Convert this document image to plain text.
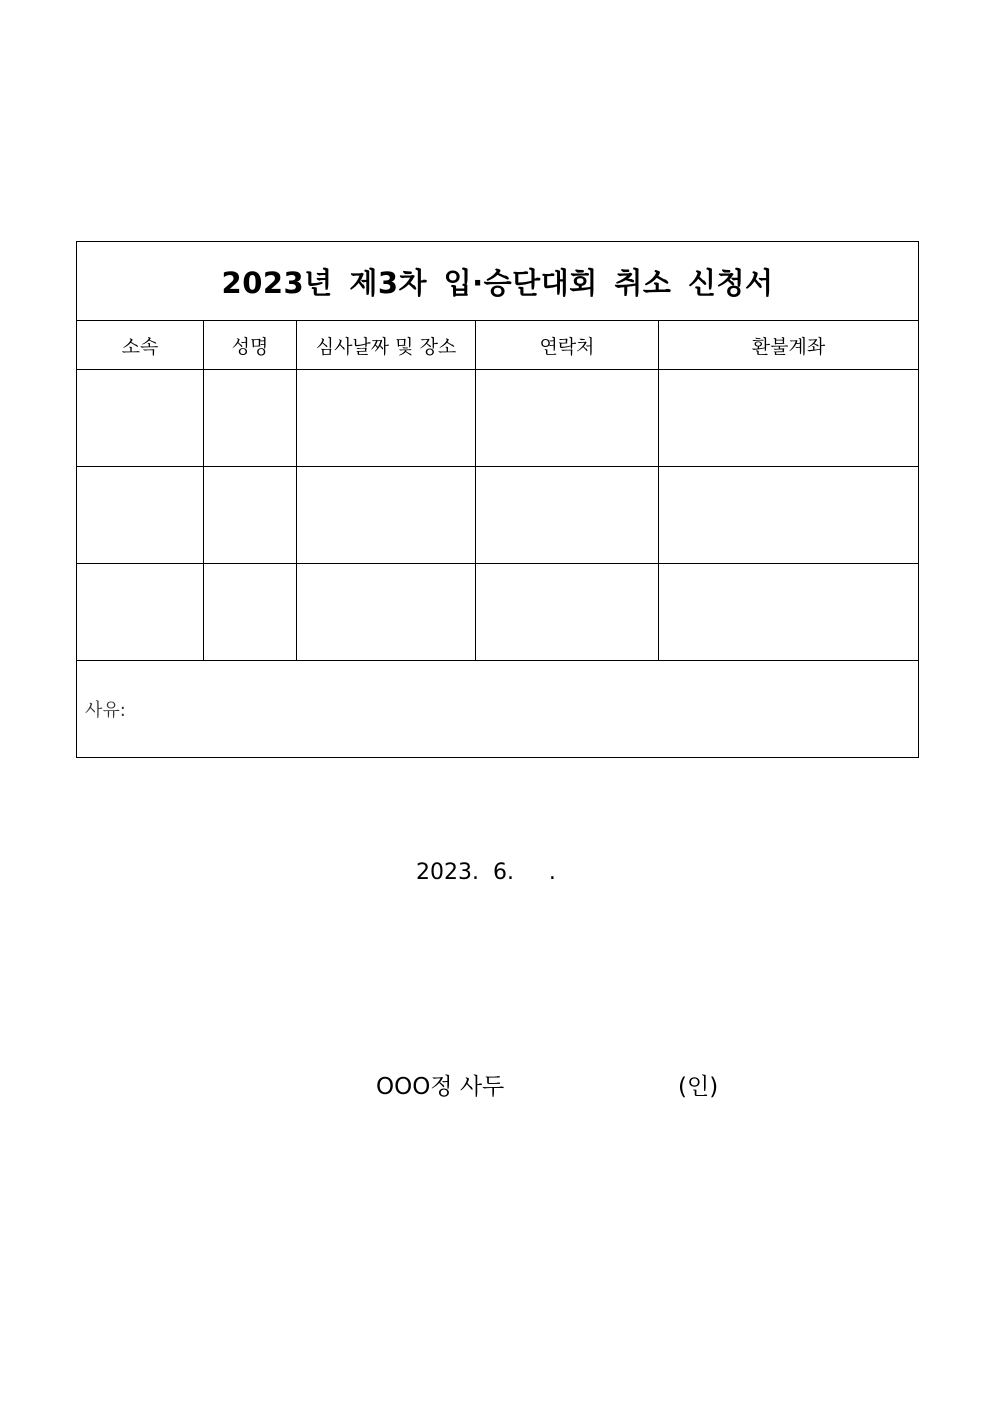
2023년 제3차 입·승단대회 취소 신청서				
소속	성명	심사날짜 및 장소	연락처	환불계좌

사유:				
2023.  6.     .
OOO정 사두	(인)
